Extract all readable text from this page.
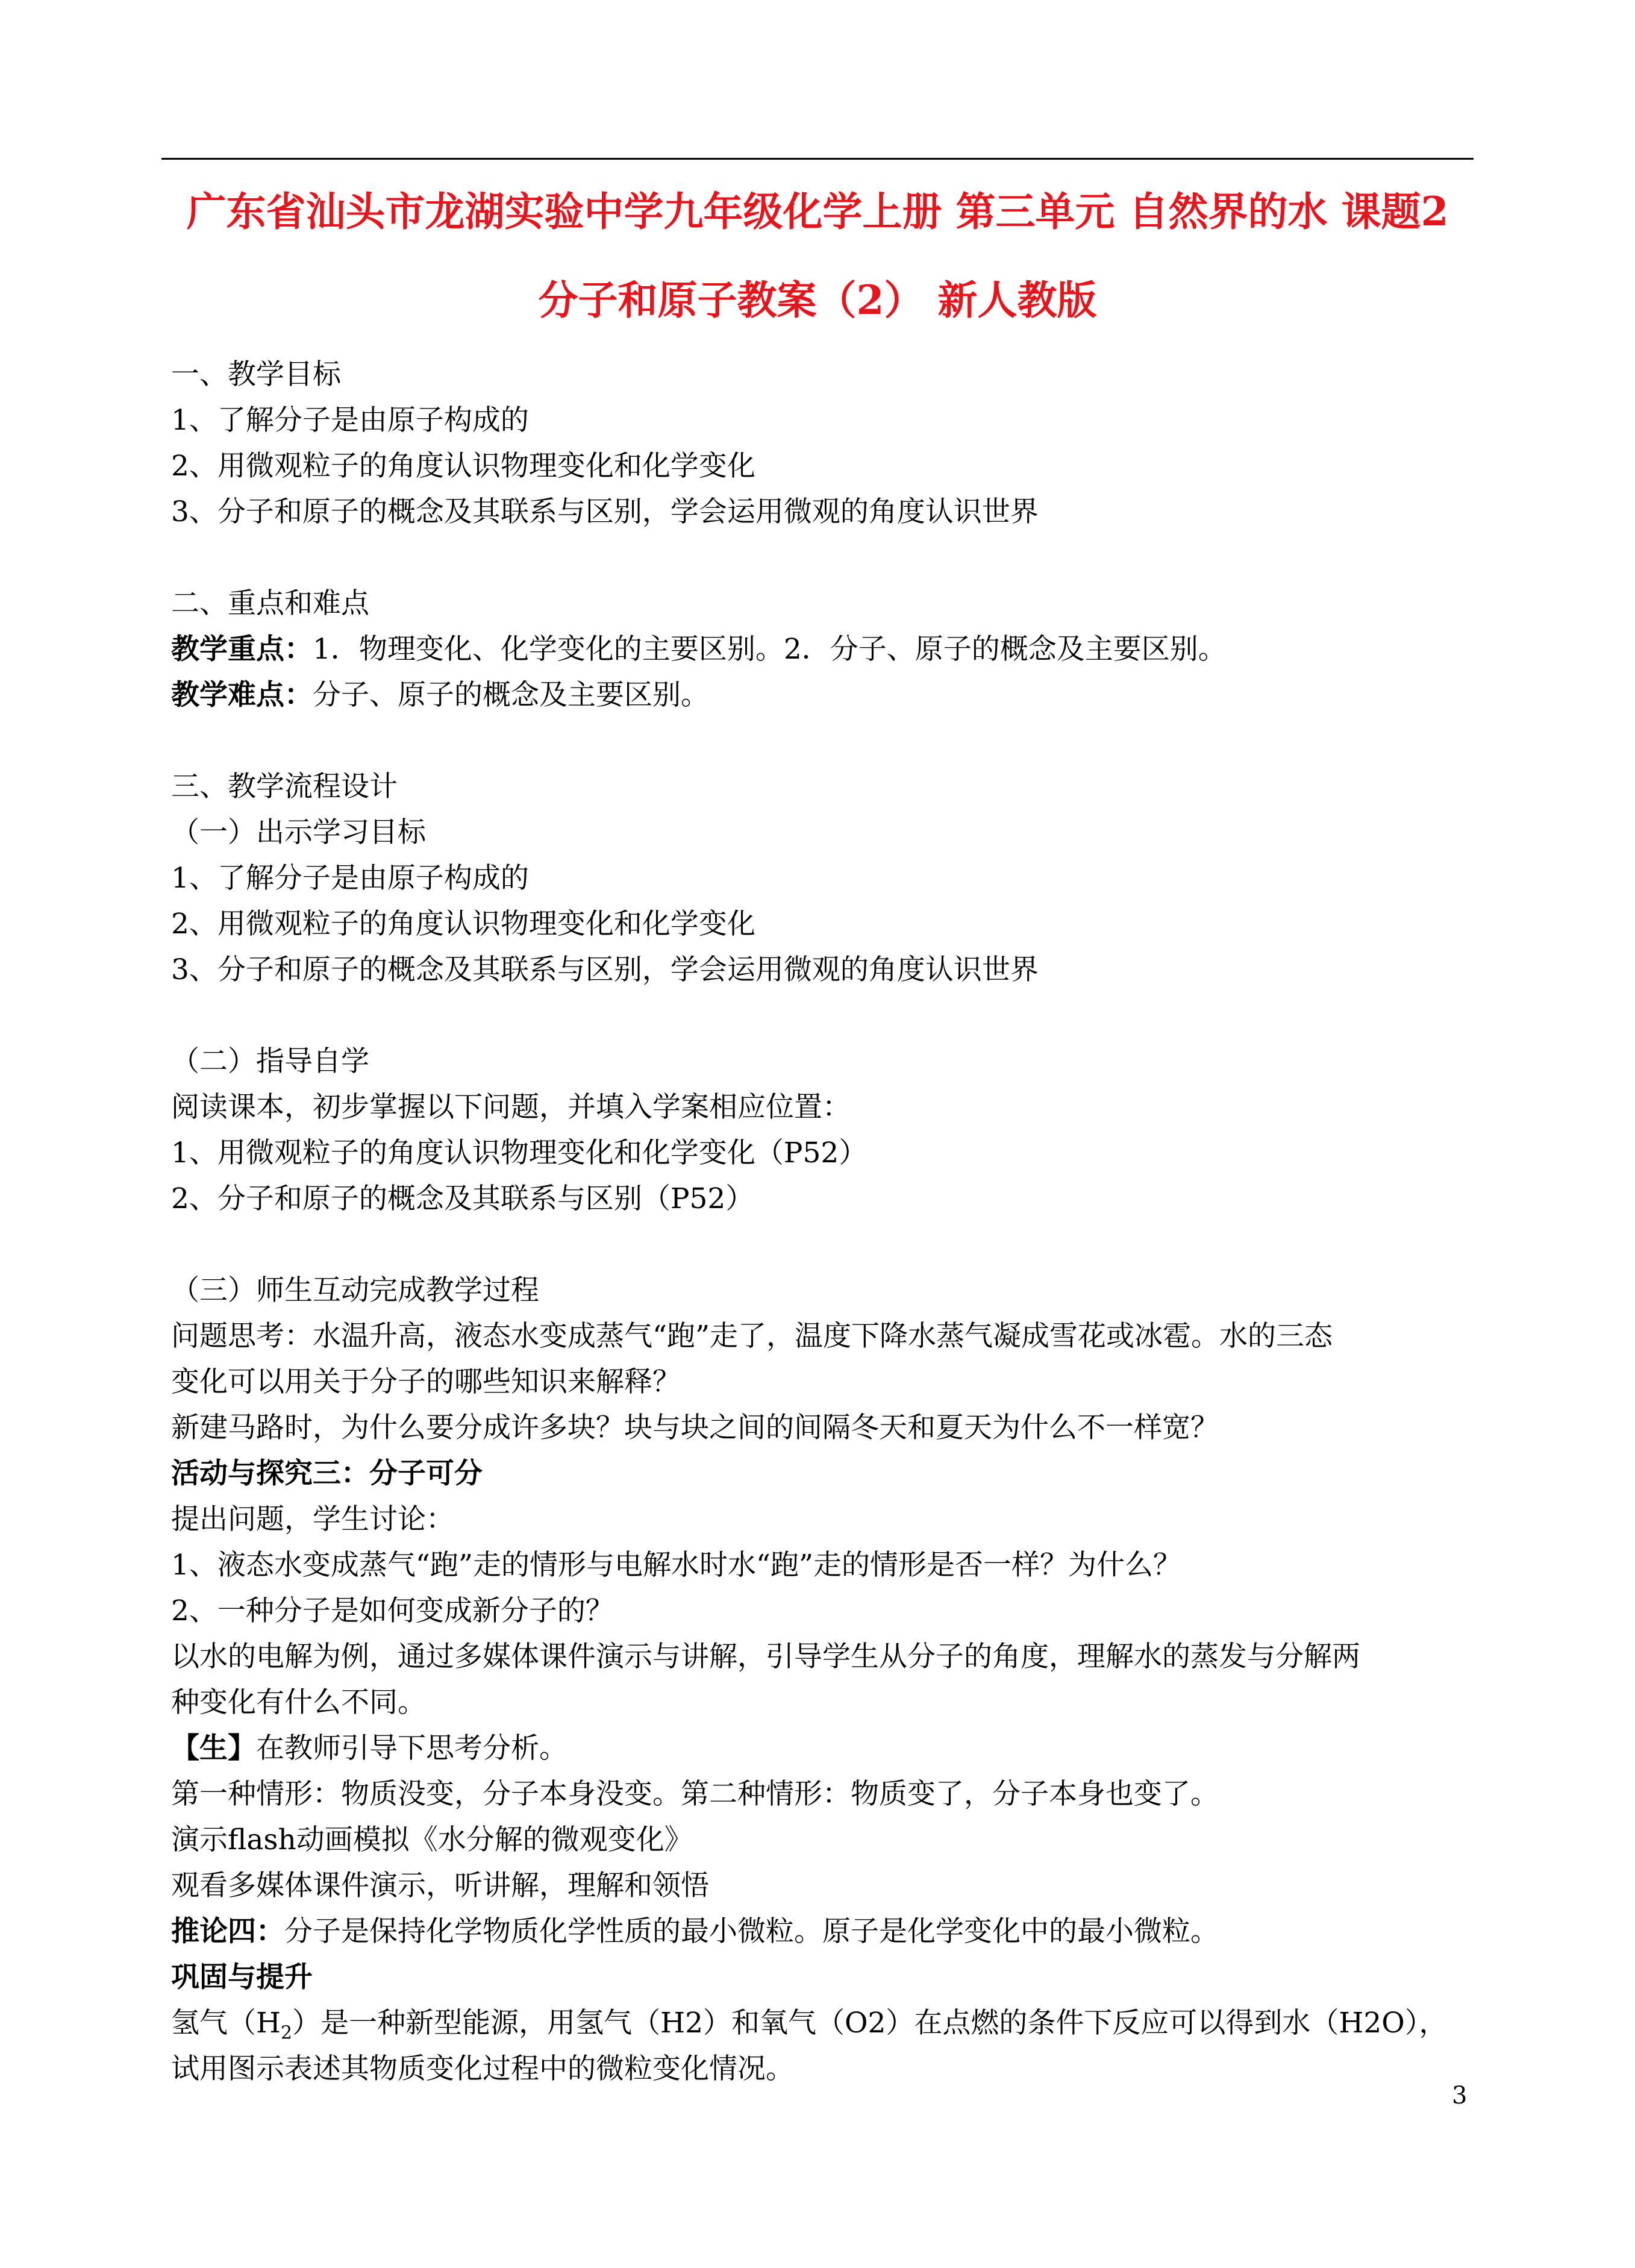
广东省汕头市龙湖实验中学九年级化学上册 第三单元 自然界的水 课题2
分子和原子教案（2） 新人教版
一、教学目标
1、了解分子是由原子构成的
2、用微观粒子的角度认识物理变化和化学变化
3、分子和原子的概念及其联系与区别，学会运用微观的角度认识世界
二、重点和难点
教学重点：1．物理变化、化学变化的主要区别。2．分子、原子的概念及主要区别。
教学难点：分子、原子的概念及主要区别。
三、教学流程设计
（一）出示学习目标
1、了解分子是由原子构成的
2、用微观粒子的角度认识物理变化和化学变化
3、分子和原子的概念及其联系与区别，学会运用微观的角度认识世界
（二）指导自学
阅读课本，初步掌握以下问题，并填入学案相应位置：
1、用微观粒子的角度认识物理变化和化学变化（P52）
2、分子和原子的概念及其联系与区别（P52）
（三）师生互动完成教学过程
问题思考：水温升高，液态水变成蒸气“跑”走了，温度下降水蒸气凝成雪花或冰雹。水的三态
变化可以用关于分子的哪些知识来解释？
新建马路时，为什么要分成许多块？块与块之间的间隔冬天和夏天为什么不一样宽？
活动与探究三：分子可分
提出问题，学生讨论：
1、液态水变成蒸气“跑”走的情形与电解水时水“跑”走的情形是否一样？为什么？
2、一种分子是如何变成新分子的？
以水的电解为例，通过多媒体课件演示与讲解，引导学生从分子的角度，理解水的蒸发与分解两
种变化有什么不同。
【生】在教师引导下思考分析。
第一种情形：物质没变，分子本身没变。第二种情形：物质变了，分子本身也变了。
演示flash动画模拟《水分解的微观变化》
观看多媒体课件演示，听讲解，理解和领悟
推论四：分子是保持化学物质化学性质的最小微粒。原子是化学变化中的最小微粒。
巩固与提升
氢气$(H_2)$是一种新型能源，用氢气（H2）和氧气（O2）在点燃的条件下反应可以得到水（H2O），
试用图示表述其物质变化过程中的微粒变化情况。
3
